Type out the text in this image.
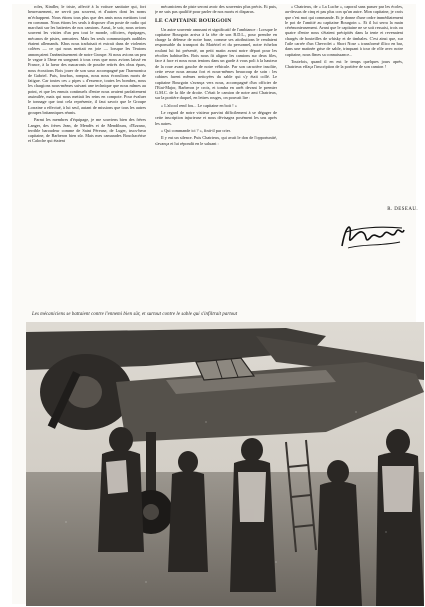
roles, Kindler, le triste, affecté à la voiture sanitaire qui, fort heureusement, ne servit pas souvent, et d'autres dont les noms m'échappent. Nous étions tous plus que des amis nous mettions tout en commun. Nous étions les seuls à disposer d'un poste de radio qui marchait sur les batteries de nos camions. Aussi, le soir, nous avions souvent les visites d'un peu tout le monde, officiers, équipages, mécanos de pistes, armuriers. Mais les seuls communiqués audibles étaient allemands. Kbus nous traduisait et extrait dans de violentes colères — ce qui nous mettait en joie — lorsque les Teutons annonçaient l'anéantissement de notre Groupe. Si nous avions un peu le vague à l'âme en songeant à tous ceux que nous avions laissé en France, à la lueur des macaronis de poudre retirés des obus épars, nous écoutions Bois jouer de son saxo accompagné par l'harmonica de Gabriel. Puis, fourbus, rompus, nous nous écroulions morts de fatigue. Car toutes ces « pipes » d'essence, toutes les bombes, nous les chargions nous-mêmes suivant une technique que nous mîmes au point, et que les ennuis continuels d'entre nous avaient parfaitement assimilée, mais qui nous mettait les reins en compote. Pour évaluer le tonnage que tout cela représente, il faut savoir que le Groupe Lorraine a effectué, à lui seul, autant de missions que tous les autres groupes britanniques réunis.

Parmi les membres d'équipage, je me souviens bien des frères Langer, des frères Jean, de Mendès et de Mendiburu, d'Ezzano, terrible baroudeur comme de Saint Péreuse, de Luger, trucs-heur capitaine, de Barberon bien sûr. Mais mes camarades Bouchacérise et Caloche qui étaient

mécaniciens de piste seront avoir des souvenirs plus précis. Et puis, je ne suis pas qualifié pour parler de nos morts et disparus.

LE CAPITAINE BOURGOIN

Un autre souvenir amusant et significatif de l'ambiance : Lorsque le capitaine Bourgoin arriva à la tête de son B.D.L., pour prendre en charge la défense de notre base, comme ses attributions le rendaient responsable du transport du Matériel et du personnel, notre échelon roulant lui fut présenté, un petit matin avant notre départ pour les récoltes habituelles. Bois nous fit aligner les camions sur deux files, face à face et nous nous tenions dans un garde à vous poli à la hauteur de la roue avant gauche de notre véhicule. Par son caractère insolite, cette revue nous amusa fort et nous-mêmes beaucoup de soin : les cabines furent mêmes nettoyées du sable qui s'y était collé. Le capitaine Bourgoin s'avança vers nous, accompagné d'un officier de l'Etat-Major, Barberon je crois, et tomba en arrêt devant le premier G.M.C. de la file de droite. C'était le camion de notre ami Chatrieux, sur la portière duquel, en lettres rouges, on pouvait lire :

« L'alcool rend fou... Le capitaine en boit ! »

Le regard de notre visiteur parvint difficilement à se dégager de cette inscription injurieuse et nous dévisagea posément les uns après les autres.

« Qui commande ici ? », finit-il par crier.

Il y eut un silence. Puis Chatrieux, qui avait le don de l'opportunité, s'avança et lui répondit en le saluant :

« Chatrieux, de « La Luche », caporal sans passer par les écoles, au-dessus de cinq et pas plus con qu'un autre. Mon capitaine, je crois que c'est moi qui commande. Et je donne d'une ordre immédiatement le pot de l'amitié au capitaine Bourgoin ». Et il lui serra la main cérémonieusement. Avant que le capitaine ne se soit ressaisi, trois ou quatre d'entre nous s'étaient précipités dans la tente et revenaient chargés de bouteilles de whisky et de timbales. C'est ainsi que, sur l'aile carrée d'un Chevrolet « Short Nose » transformé illico en bar, dans une matinée grise de sable, trinquant à tour de rôle avec notre capitaine, nous fîmes sa connaissance...

Toutefois, quand il en eut le temps quelques jours après, Chatrieux effaça l'inscription de la portière de son camion !

R. DESEAU.
Les mécaniciens se battaient contre l'ennemi bien sûr, et surtout contre le sable qui s'infiltrait partout
